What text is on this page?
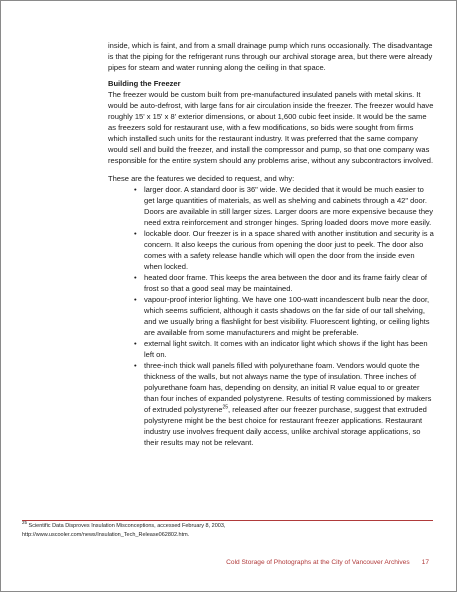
inside, which is faint, and from a small drainage pump which runs occasionally. The disadvantage is that the piping for the refrigerant runs through our archival storage area, but there were already pipes for steam and water running along the ceiling in that space.

Building the Freezer

The freezer would be custom built from pre-manufactured insulated panels with metal skins. It would be auto-defrost, with large fans for air circulation inside the freezer. The freezer would have roughly 15' x 15' x 8' exterior dimensions, or about 1,600 cubic feet inside. It would be the same as freezers sold for restaurant use, with a few modifications, so bids were sought from firms which installed such units for the restaurant industry. It was preferred that the same company would sell and build the freezer, and install the compressor and pump, so that one company was responsible for the entire system should any problems arise, without any subcontractors involved.

These are the features we decided to request, and why:

• larger door. A standard door is 36" wide. We decided that it would be much easier to get large quantities of materials, as well as shelving and cabinets through a 42" door. Doors are available in still larger sizes. Larger doors are more expensive because they need extra reinforcement and stronger hinges. Spring loaded doors move more easily.
• lockable door. Our freezer is in a space shared with another institution and security is a concern. It also keeps the curious from opening the door just to peek. The door also comes with a safety release handle which will open the door from the inside even when locked.
• heated door frame. This keeps the area between the door and its frame fairly clear of frost so that a good seal may be maintained.
• vapour-proof interior lighting. We have one 100-watt incandescent bulb near the door, which seems sufficient, although it casts shadows on the far side of our tall shelving, and we usually bring a flashlight for best visibility. Fluorescent lighting, or ceiling lights are available from some manufacturers and might be preferable.
• external light switch. It comes with an indicator light which shows if the light has been left on.
• three-inch thick wall panels filled with polyurethane foam. Vendors would quote the thickness of the walls, but not always name the type of insulation. Three inches of polyurethane foam has, depending on density, an initial R value equal to or greater than four inches of expanded polystyrene. Results of testing commissioned by makers of extruded polystyrene$^{25}$, released after our freezer purchase, suggest that extruded polystyrene might be the best choice for restaurant freezer applications. Restaurant industry use involves frequent daily access, unlike archival storage applications, so their results may not be relevant.
$^{25}$ Scientific Data Disproves Insulation Misconceptions, accessed February 8, 2003,
http://www.uscooler.com/news/Insulation_Tech_Release062802.htm.
Cold Storage of Photographs at the City of Vancouver Archives 17
